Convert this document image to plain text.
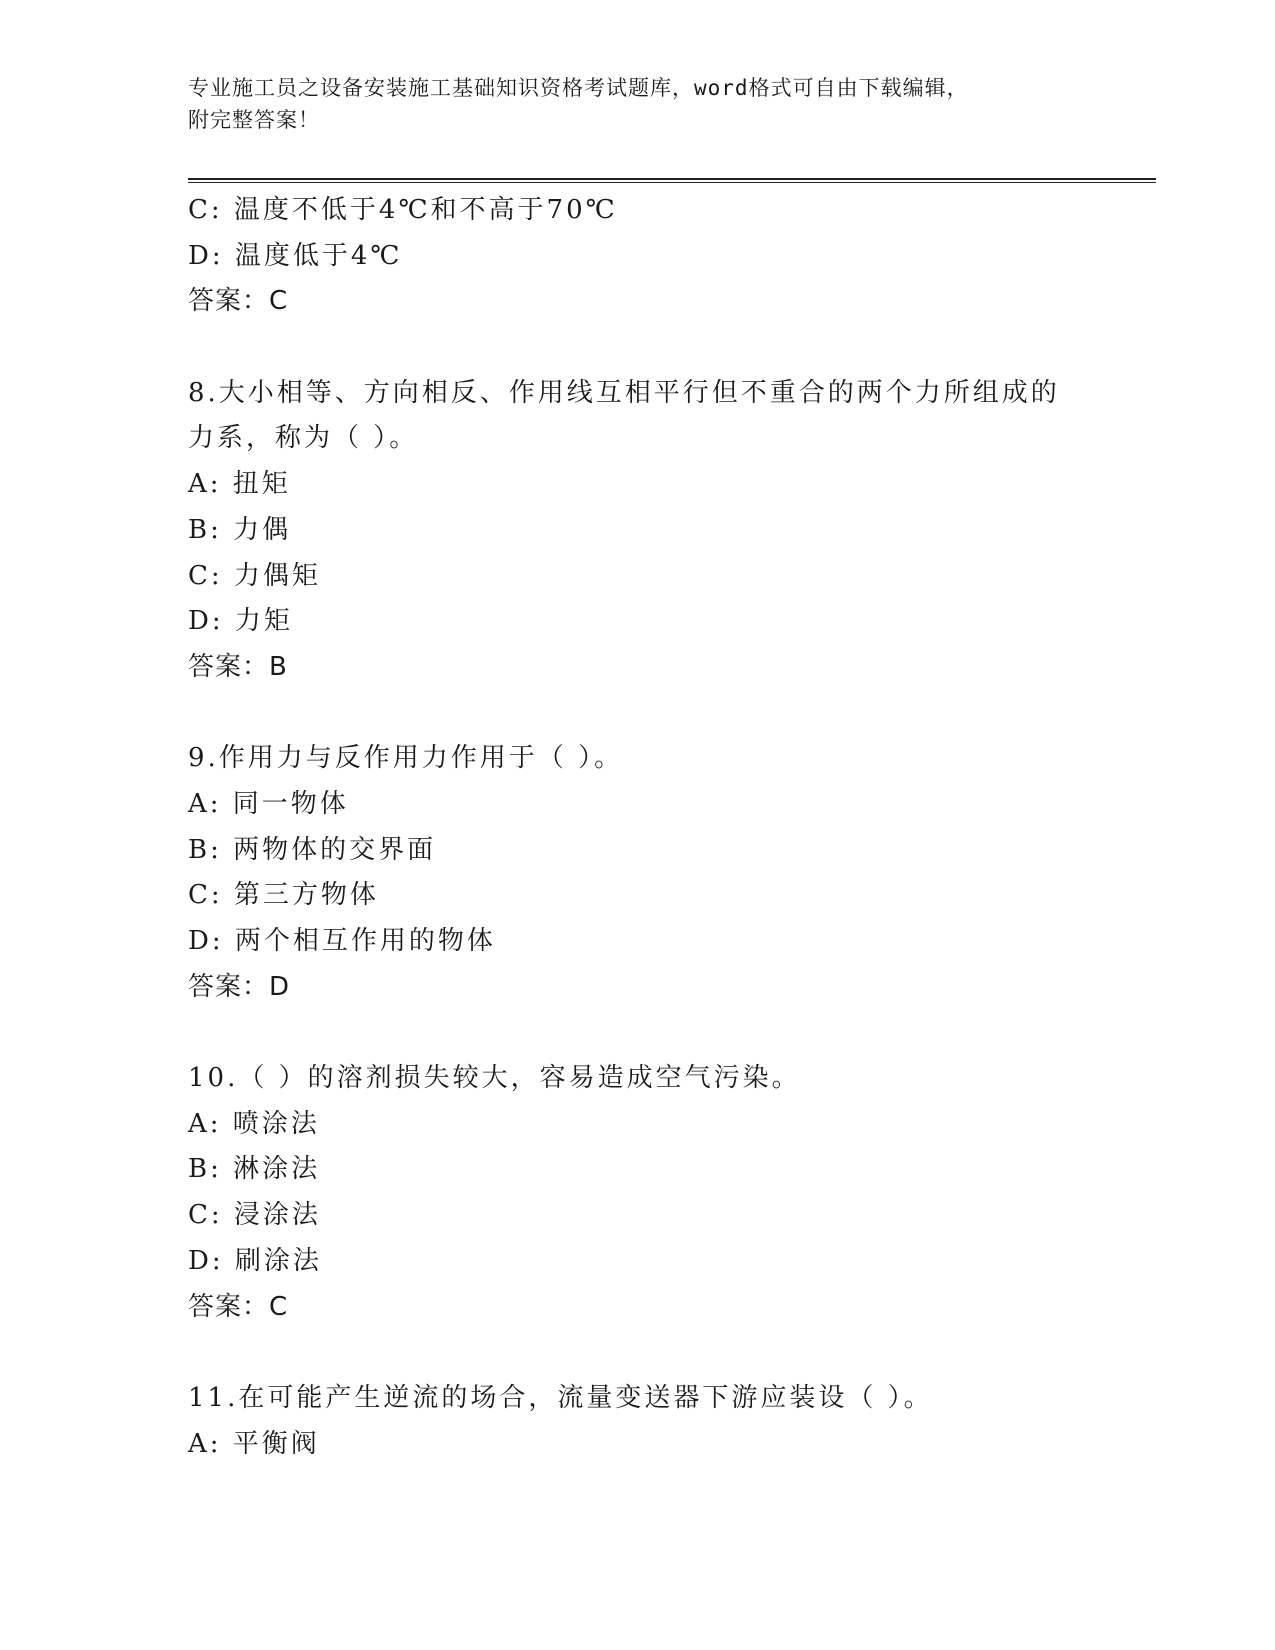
专业施工员之设备安装施工基础知识资格考试题库，word格式可自由下载编辑，
附完整答案！
C: 温度不低于4℃和不高于70℃
D: 温度低于4℃
答案：C
8.大小相等、方向相反、作用线互相平行但不重合的两个力所组成的
力系，称为（ ）。
A: 扭矩
B: 力偶
C: 力偶矩
D: 力矩
答案：B
9.作用力与反作用力作用于（ ）。
A: 同一物体
B: 两物体的交界面
C: 第三方物体
D: 两个相互作用的物体
答案：D
10.（ ）的溶剂损失较大，容易造成空气污染。
A: 喷涂法
B: 淋涂法
C: 浸涂法
D: 刷涂法
答案：C
11.在可能产生逆流的场合，流量变送器下游应装设（ ）。
A: 平衡阀
